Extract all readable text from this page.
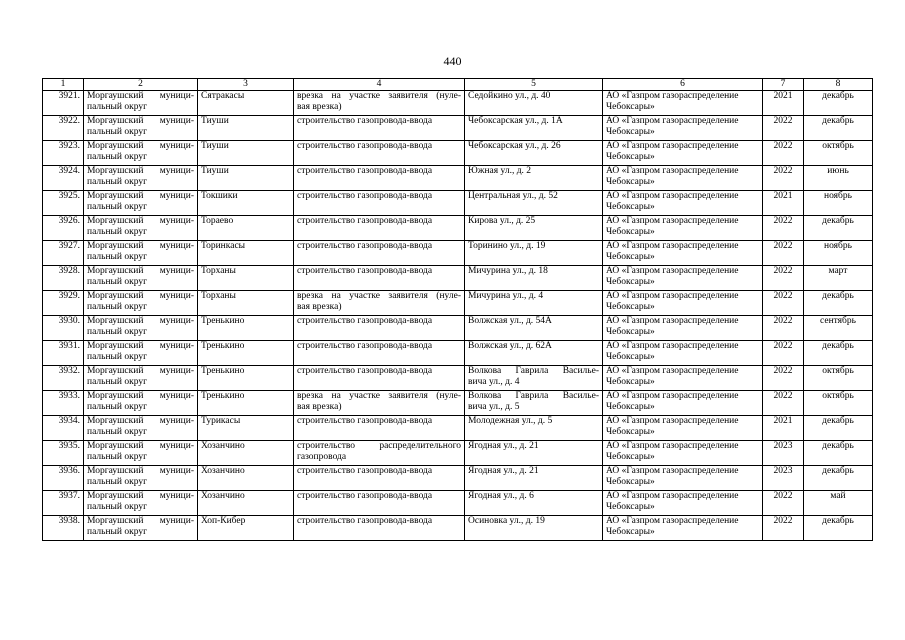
440
1	2	3	4	5	6	7	8
3921.	Моргаушский муници-
пальный округ	Сятракасы	врезка на участке заявителя (нуле-
вая врезка)	Седойкино ул., д. 40	АО «Газпром газораспределение
Чебоксары»	2021	декабрь
3922.	Моргаушский муници-
пальный округ	Тиуши	строительство газопровода-ввода	Чебоксарская ул., д. 1А	АО «Газпром газораспределение
Чебоксары»	2022	декабрь
3923.	Моргаушский муници-
пальный округ	Тиуши	строительство газопровода-ввода	Чебоксарская ул., д. 26	АО «Газпром газораспределение
Чебоксары»	2022	октябрь
3924.	Моргаушский муници-
пальный округ	Тиуши	строительство газопровода-ввода	Южная ул., д. 2	АО «Газпром газораспределение
Чебоксары»	2022	июнь
3925.	Моргаушский муници-
пальный округ	Токшики	строительство газопровода-ввода	Центральная ул., д. 52	АО «Газпром газораспределение
Чебоксары»	2021	ноябрь
3926.	Моргаушский муници-
пальный округ	Тораево	строительство газопровода-ввода	Кирова ул., д. 25	АО «Газпром газораспределение
Чебоксары»	2022	декабрь
3927.	Моргаушский муници-
пальный округ	Торинкасы	строительство газопровода-ввода	Торинино ул., д. 19	АО «Газпром газораспределение
Чебоксары»	2022	ноябрь
3928.	Моргаушский муници-
пальный округ	Торханы	строительство газопровода-ввода	Мичурина ул., д. 18	АО «Газпром газораспределение
Чебоксары»	2022	март
3929.	Моргаушский муници-
пальный округ	Торханы	врезка на участке заявителя (нуле-
вая врезка)	Мичурина ул., д. 4	АО «Газпром газораспределение
Чебоксары»	2022	декабрь
3930.	Моргаушский муници-
пальный округ	Тренькино	строительство газопровода-ввода	Волжская ул., д. 54А	АО «Газпром газораспределение
Чебоксары»	2022	сентябрь
3931.	Моргаушский муници-
пальный округ	Тренькино	строительство газопровода-ввода	Волжская ул., д. 62А	АО «Газпром газораспределение
Чебоксары»	2022	декабрь
3932.	Моргаушский муници-
пальный округ	Тренькино	строительство газопровода-ввода	Волкова Гаврила Васильe-
вича ул., д. 4	АО «Газпром газораспределение
Чебоксары»	2022	октябрь
3933.	Моргаушский муници-
пальный округ	Тренькино	врезка на участке заявителя (нуле-
вая врезка)	Волкова Гаврила Василье-
вича ул., д. 5	АО «Газпром газораспределение
Чебоксары»	2022	октябрь
3934.	Моргаушский муници-
пальный округ	Турикасы	строительство газопровода-ввода	Молодежная ул., д. 5	АО «Газпром газораспределение
Чебоксары»	2021	декабрь
3935.	Моргаушский муници-
пальный округ	Хозанчино	строительство распределительного
газопровода	Ягодная ул., д. 21	АО «Газпром газораспределение
Чебоксары»	2023	декабрь
3936.	Моргаушский муници-
пальный округ	Хозанчино	строительство газопровода-ввода	Ягодная ул., д. 21	АО «Газпром газораспределение
Чебоксары»	2023	декабрь
3937.	Моргаушский муници-
пальный округ	Хозанчино	строительство газопровода-ввода	Ягодная ул., д. 6	АО «Газпром газораспределение
Чебоксары»	2022	май
3938.	Моргаушский муници-
пальный округ	Хоп-Кибер	строительство газопровода-ввода	Осиновка ул., д. 19	АО «Газпром газораспределение
Чебоксары»	2022	декабрь
